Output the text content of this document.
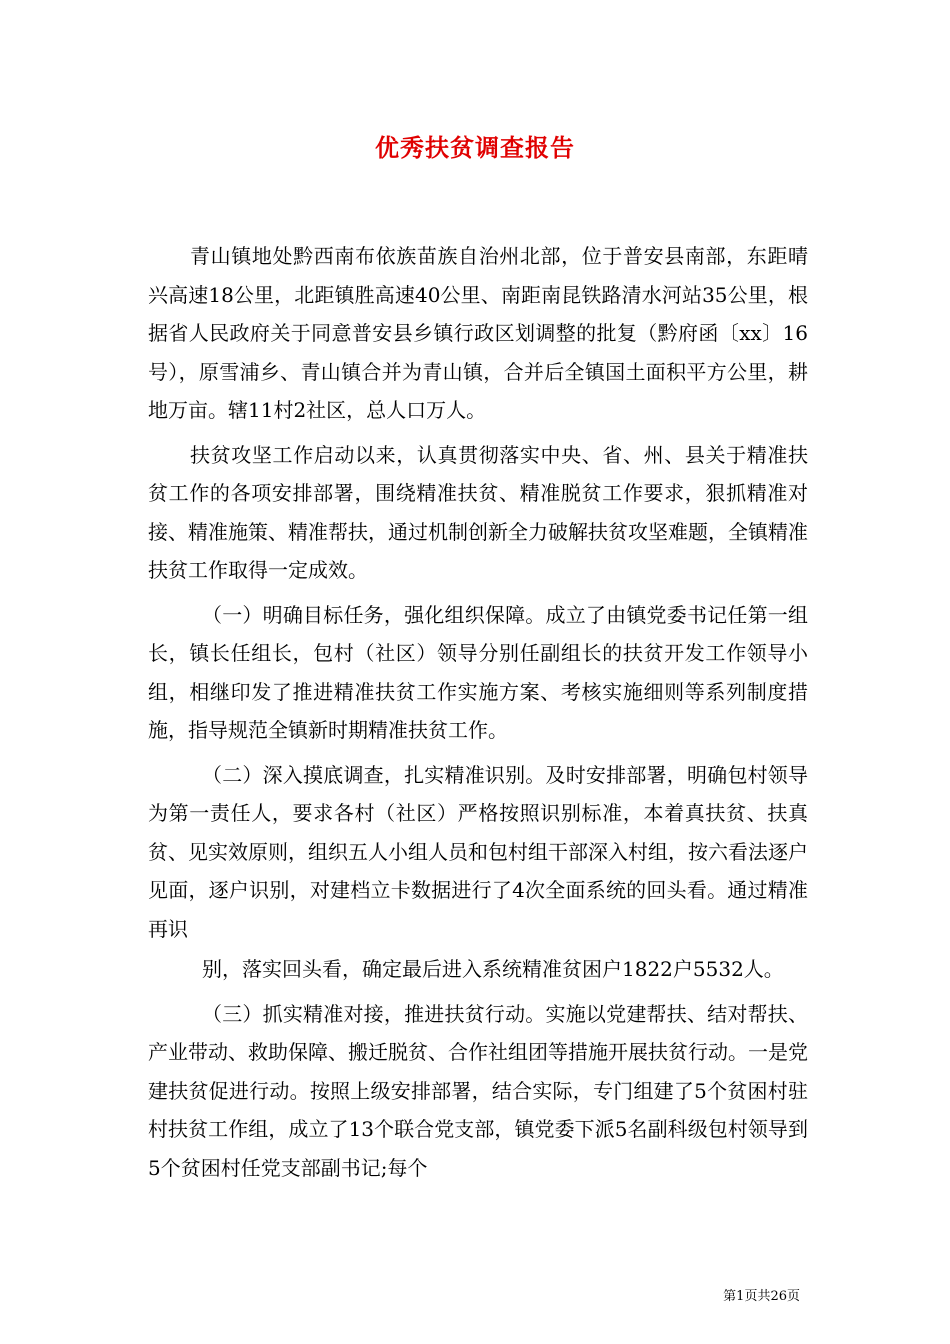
优秀扶贫调查报告

青山镇地处黔西南布依族苗族自治州北部，位于普安县南部，东距晴兴高速18公里，北距镇胜高速40公里、南距南昆铁路清水河站35公里，根据省人民政府关于同意普安县乡镇行政区划调整的批复（黔府函〔xx〕16号），原雪浦乡、青山镇合并为青山镇，合并后全镇国土面积平方公里，耕地万亩。辖11村2社区，总人口万人。

扶贫攻坚工作启动以来，认真贯彻落实中央、省、州、县关于精准扶贫工作的各项安排部署，围绕精准扶贫、精准脱贫工作要求，狠抓精准对接、精准施策、精准帮扶，通过机制创新全力破解扶贫攻坚难题，全镇精准扶贫工作取得一定成效。

（一）明确目标任务，强化组织保障。成立了由镇党委书记任第一组长，镇长任组长，包村（社区）领导分别任副组长的扶贫开发工作领导小组，相继印发了推进精准扶贫工作实施方案、考核实施细则等系列制度措施，指导规范全镇新时期精准扶贫工作。

（二）深入摸底调查，扎实精准识别。及时安排部署，明确包村领导为第一责任人，要求各村（社区）严格按照识别标准，本着真扶贫、扶真贫、见实效原则，组织五人小组人员和包村组干部深入村组，按六看法逐户见面，逐户识别，对建档立卡数据进行了4次全面系统的回头看。通过精准再识

别，落实回头看，确定最后进入系统精准贫困户1822户5532人。

（三）抓实精准对接，推进扶贫行动。实施以党建帮扶、结对帮扶、产业带动、救助保障、搬迁脱贫、合作社组团等措施开展扶贫行动。一是党建扶贫促进行动。按照上级安排部署，结合实际，专门组建了5个贫困村驻村扶贫工作组，成立了13个联合党支部，镇党委下派5名副科级包村领导到5个贫困村任党支部副书记;每个

第1页共26页
